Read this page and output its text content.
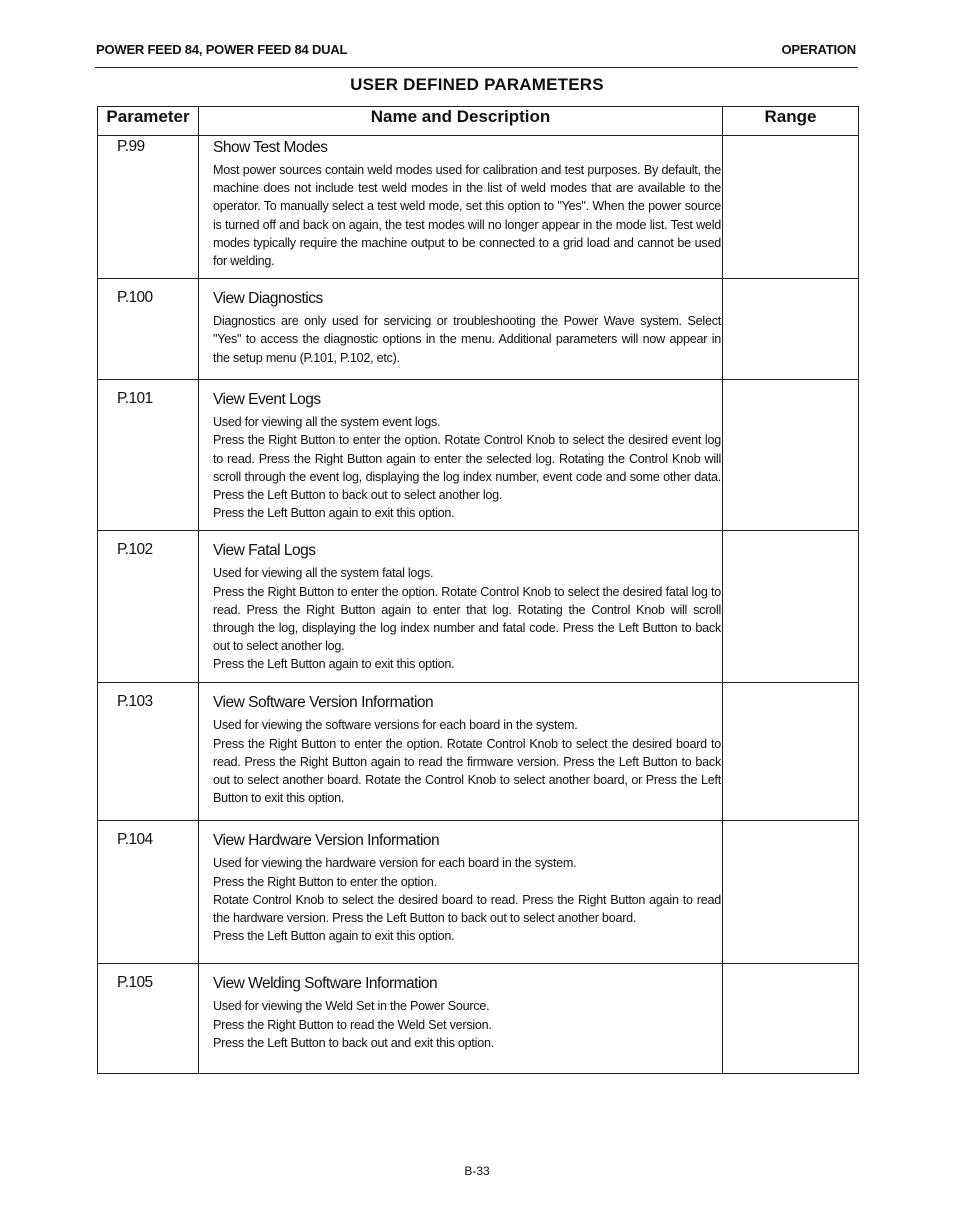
POWER FEED 84, POWER FEED 84 DUAL	OPERATION
USER DEFINED PARAMETERS
Parameter	Name and Description	Range
P.99	Show Test Modes

Most power sources contain weld modes used for calibration and test purposes. By default, the machine does not include test weld modes in the list of weld modes that are available to the operator. To manually select a test weld mode, set this option to "Yes". When the power source is turned off and back on again, the test modes will no longer appear in the mode list. Test weld modes typically require the machine output to be connected to a grid load and cannot be used for welding.	

P.100	View Diagnostics

Diagnostics are only used for servicing or troubleshooting the Power Wave system. Select "Yes" to access the diagnostic options in the menu. Additional parameters will now appear in the setup menu (P.101, P.102, etc).	

P.101	View Event Logs

Used for viewing all the system event logs.

Press the Right Button to enter the option. Rotate Control Knob to select the desired event log to read. Press the Right Button again to enter the selected log. Rotating the Control Knob will scroll through the event log, displaying the log index number, event code and some other data. Press the Left Button to back out to select another log.

Press the Left Button again to exit this option.	

P.102	View Fatal Logs

Used for viewing all the system fatal logs.

Press the Right Button to enter the option. Rotate Control Knob to select the desired fatal log to read. Press the Right Button again to enter that log. Rotating the Control Knob will scroll through the log, displaying the log index number and fatal code. Press the Left Button to back out to select another log.

Press the Left Button again to exit this option.	

P.103	View Software Version Information

Used for viewing the software versions for each board in the system.

Press the Right Button to enter the option. Rotate Control Knob to select the desired board to read. Press the Right Button again to read the firmware version. Press the Left Button to back out to select another board. Rotate the Control Knob to select another board, or Press the Left Button to exit this option.	

P.104	View Hardware Version Information

Used for viewing the hardware version for each board in the system.

Press the Right Button to enter the option.

Rotate Control Knob to select the desired board to read. Press the Right Button again to read the hardware version. Press the Left Button to back out to select another board.

Press the Left Button again to exit this option.	

P.105	View Welding Software Information

Used for viewing the Weld Set in the Power Source.

Press the Right Button to read the Weld Set version.

Press the Left Button to back out and exit this option.	

B-33
